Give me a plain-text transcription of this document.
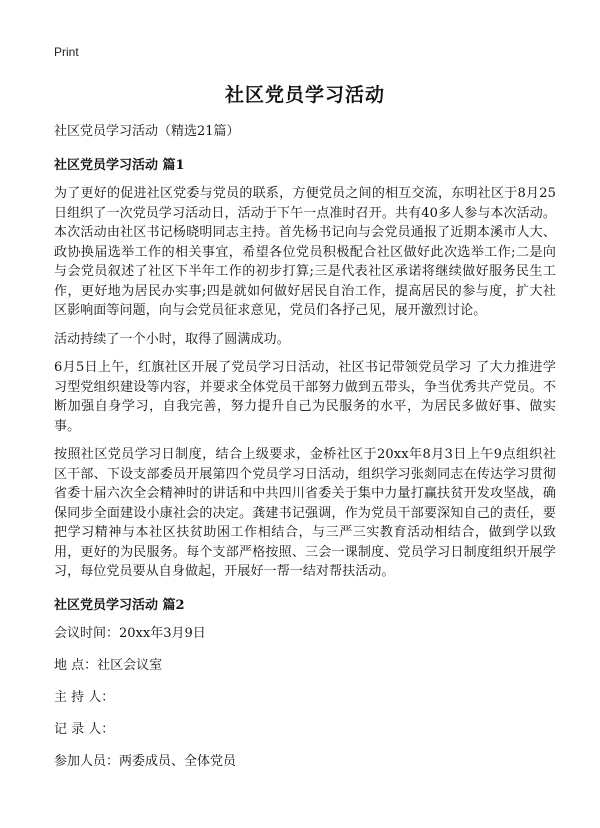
Print
社区党员学习活动
社区党员学习活动（精选21篇）
社区党员学习活动 篇1

为了更好的促进社区党委与党员的联系，方便党员之间的相互交流，东明社区于8月25日组织了一次党员学习活动日，活动于下午一点准时召开。共有40多人参与本次活动。本次活动由社区书记杨晓明同志主持。首先杨书记向与会党员通报了近期本溪市人大、政协换届选举工作的相关事宜，希望各位党员积极配合社区做好此次选举工作;二是向与会党员叙述了社区下半年工作的初步打算;三是代表社区承诺将继续做好服务民生工作，更好地为居民办实事;四是就如何做好居民自治工作，提高居民的参与度，扩大社区影响面等问题，向与会党员征求意见，党员们各抒己见，展开激烈讨论。

活动持续了一个小时，取得了圆满成功。

6月5日上午，红旗社区开展了党员学习日活动，社区书记带领党员学习 了大力推进学习型党组织建设等内容，并要求全体党员干部努力做到五带头，争当优秀共产党员。不断加强自身学习，自我完善，努力提升自己为民服务的水平，为居民多做好事、做实事。

按照社区党员学习日制度，结合上级要求，金桥社区于20xx年8月3日上午9点组织社区干部、下设支部委员开展第四个党员学习日活动，组织学习张剡同志在传达学习贯彻省委十届六次全会精神时的讲话和中共四川省委关于集中力量打赢扶贫开发攻坚战，确保同步全面建设小康社会的决定。龚建书记强调，作为党员干部要深知自己的责任，要把学习精神与本社区扶贫助困工作相结合，与三严三实教育活动相结合，做到学以致用，更好的为民服务。每个支部严格按照、三会一课制度、党员学习日制度组织开展学习，每位党员要从自身做起，开展好一帮一结对帮扶活动。

社区党员学习活动 篇2
会议时间：20xx年3月9日
地 点：社区会议室
主 持 人：
记 录 人：
参加人员：两委成员、全体党员
